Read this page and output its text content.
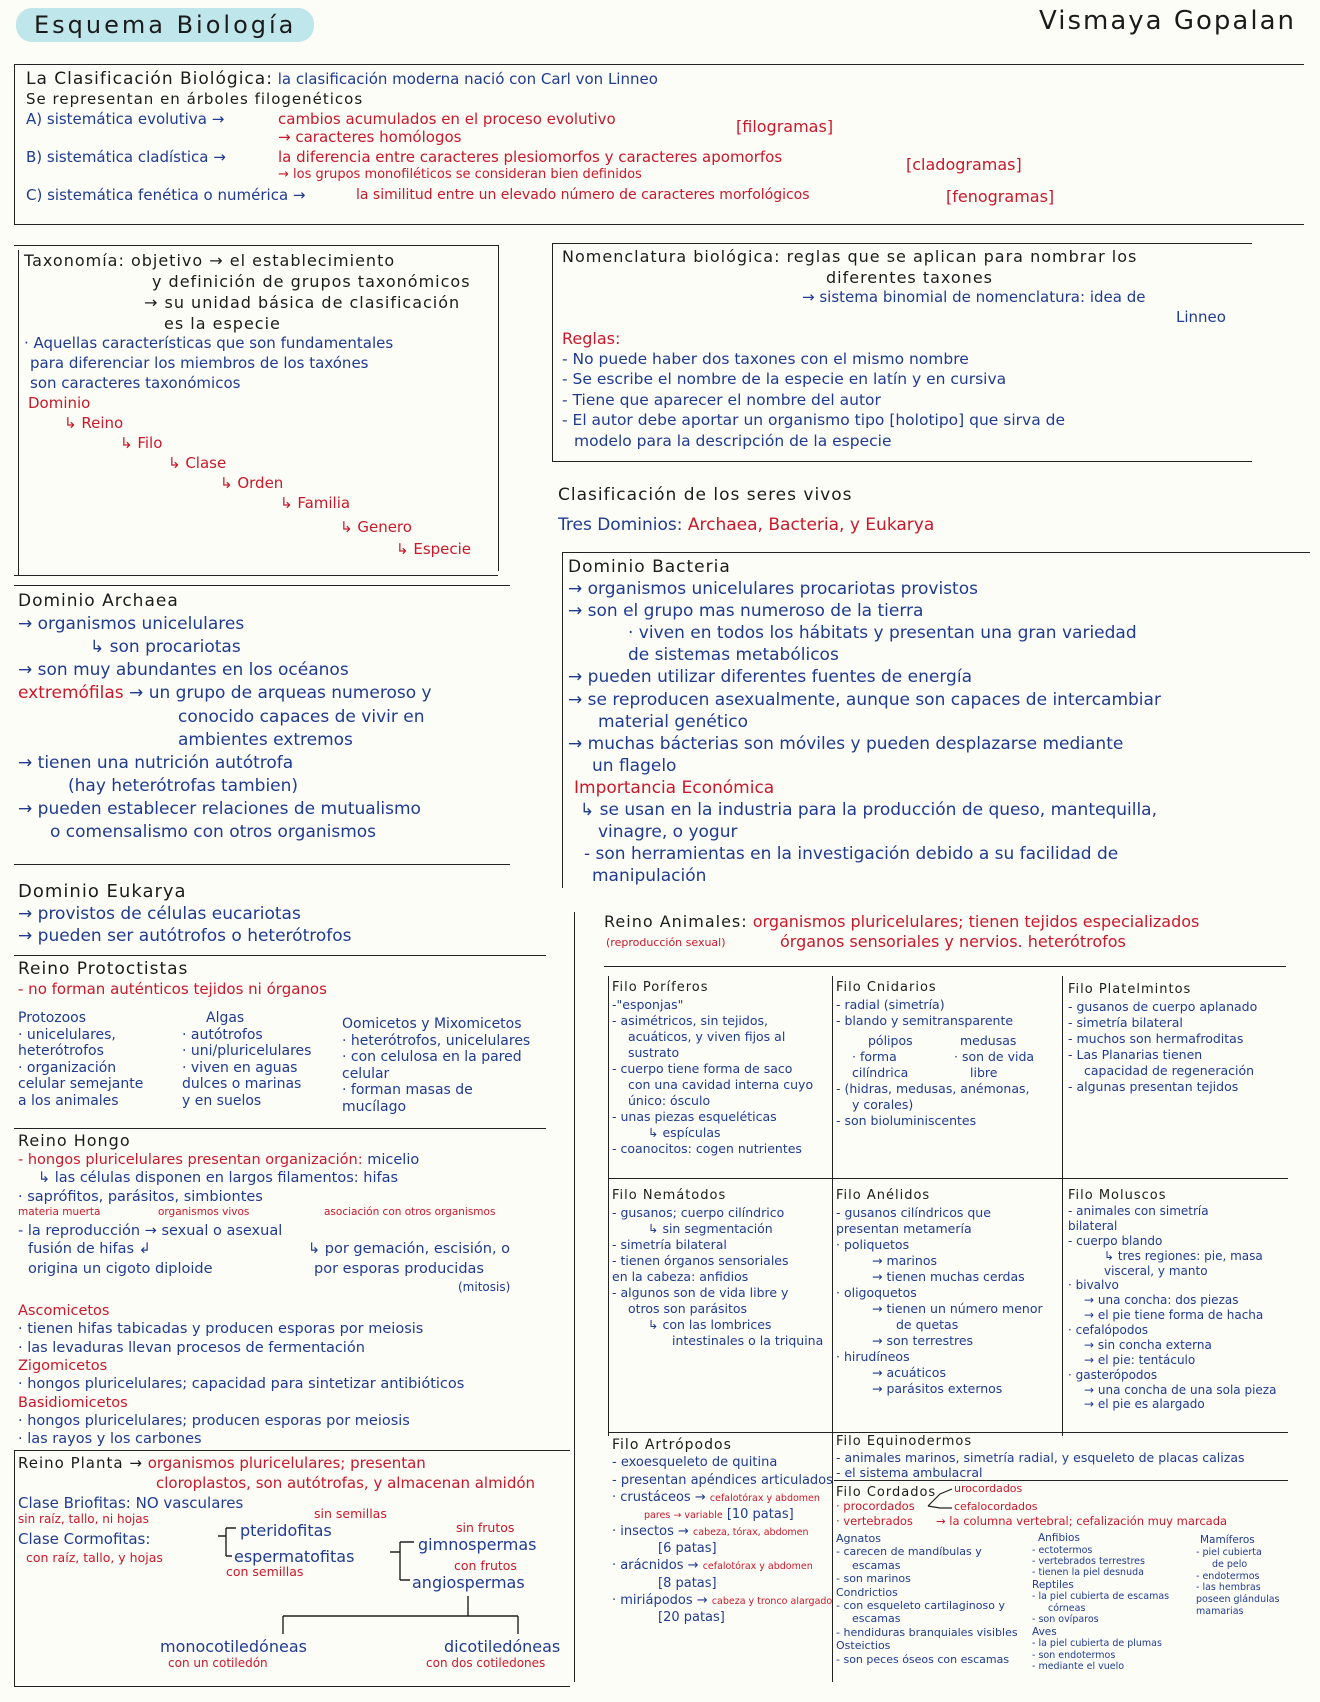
Esquema Biología	Vismaya Gopalan
La Clasificación Biológica: la clasificación moderna nació con Carl von Linneo
Se representan en árboles filogenéticos
A) sistemática evolutiva →	cambios acumulados en el proceso evolutivo
→ caracteres homólogos
[filogramas]
B) sistemática cladística →	la diferencia entre caracteres plesiomorfos y caracteres apomorfos
→ los grupos monofiléticos se consideran bien definidos
[cladogramas]
C) sistemática fenética o numérica →	la similitud entre un elevado número de caracteres morfológicos	[fenogramas]
Taxonomía: objetivo → el establecimiento
y definición de grupos taxonómicos
→ su unidad básica de clasificación
es la especie
· Aquellas características que son fundamentales
para diferenciar los miembros de los taxónes
son caracteres taxonómicos
Dominio
↳ Reino
↳ Filo
↳ Clase
↳ Orden
↳ Familia
↳ Genero
↳ Especie
Nomenclatura biológica: reglas que se aplican para nombrar los
diferentes taxones
→ sistema binomial de nomenclatura: idea de
Linneo
Reglas:
- No puede haber dos taxones con el mismo nombre
- Se escribe el nombre de la especie en latín y en cursiva
- Tiene que aparecer el nombre del autor
- El autor debe aportar un organismo tipo [holotipo] que sirva de
modelo para la descripción de la especie
Clasificación de los seres vivos
Tres Dominios: Archaea, Bacteria, y Eukarya
Dominio Archaea
→ organismos unicelulares
↳ son procariotas
→ son muy abundantes en los océanos
extremófilas → un grupo de arqueas numeroso y
conocido capaces de vivir en
ambientes extremos
→ tienen una nutrición autótrofa
(hay heterótrofas tambien)
→ pueden establecer relaciones de mutualismo
o comensalismo con otros organismos
Dominio Bacteria
→ organismos unicelulares procariotas provistos
→ son el grupo mas numeroso de la tierra
· viven en todos los hábitats y presentan una gran variedad
de sistemas metabólicos
→ pueden utilizar diferentes fuentes de energía
→ se reproducen asexualmente, aunque son capaces de intercambiar
material genético
→ muchas bácterias son móviles y pueden desplazarse mediante
un flagelo
Importancia Económica
↳ se usan en la industria para la producción de queso, mantequilla,
vinagre, o yogur
- son herramientas en la investigación debido a su facilidad de
manipulación
Dominio Eukarya
→ provistos de células eucariotas
→ pueden ser autótrofos o heterótrofos
Reino Protoctistas
- no forman auténticos tejidos ni órganos
Protozoos
· unicelulares,
heterótrofos
· organización
celular semejante
a los animales
Algas
· autótrofos
· uni/pluricelulares
· viven en aguas
dulces o marinas
y en suelos
Oomicetos y Mixomicetos
· heterótrofos, unicelulares
· con celulosa en la pared
celular
· forman masas de
mucílago
Reino Hongo
- hongos pluricelulares presentan organización: micelio
↳ las células disponen en largos filamentos: hifas
· saprófitos, parásitos, simbiontes
materia muerta	organismos vivos	asociación con otros organismos
- la reproducción → sexual o asexual
fusión de hifas ↲
origina un cigoto diploide
↳ por gemación, escisión, o
por esporas producidas
(mitosis)
Ascomicetos
· tienen hifas tabicadas y producen esporas por meiosis
· las levaduras llevan procesos de fermentación
Zigomicetos
· hongos pluricelulares; capacidad para sintetizar antibióticos
Basidiomicetos
· hongos pluricelulares; producen esporas por meiosis
· las rayos y los carbones
Reino Planta → organismos pluricelulares; presentan
cloroplastos, son autótrofas, y almacenan almidón
Clase Briofitas: NO vasculares
sin raíz, tallo, ni hojas	sin semillas
pteridofitas
Clase Cormofitas:
con raíz, tallo, y hojas	espermatofitas
con semillas
sin frutos
gimnospermas
con frutos
angiospermas
monocotiledóneas
con un cotiledón
dicotiledóneas
con dos cotiledones
Reino Animales: organismos pluricelulares; tienen tejidos especializados
(reproducción sexual)	órganos sensoriales y nervios. heterótrofos
Filo Poríferos
-"esponjas"
- asimétricos, sin tejidos,
acuáticos, y viven fijos al
sustrato
- cuerpo tiene forma de saco
con una cavidad interna cuyo
único: ósculo
- unas piezas esqueléticas
↳ espículas
- coanocitos: cogen nutrientes
Filo Cnidarios
- radial (simetría)
- blando y semitransparente
pólipos
· forma
cilíndrica
medusas
· son de vida
libre
- (hidras, medusas, anémonas,
y corales)
- son bioluminiscentes
Filo Platelmintos
- gusanos de cuerpo aplanado
- simetría bilateral
- muchos son hermafroditas
- Las Planarias tienen
capacidad de regeneración
- algunas presentan tejidos
Filo Nemátodos
- gusanos; cuerpo cilíndrico
↳ sin segmentación
- simetría bilateral
- tienen órganos sensoriales
en la cabeza: anfidios
- algunos son de vida libre y
otros son parásitos
↳ con las lombrices
intestinales o la triquina
Filo Anélidos
- gusanos cilíndricos que
presentan metamería
· poliquetos
→ marinos
→ tienen muchas cerdas
· oligoquetos
→ tienen un número menor
de quetas
→ son terrestres
· hirudíneos
→ acuáticos
→ parásitos externos
Filo Moluscos
- animales con simetría
bilateral
- cuerpo blando
↳ tres regiones: pie, masa
visceral, y manto
· bivalvo
→ una concha: dos piezas
→ el pie tiene forma de hacha
· cefalópodos
→ sin concha externa
→ el pie: tentáculo
· gasterópodos
→ una concha de una sola pieza
→ el pie es alargado
Filo Artrópodos
- exoesqueleto de quitina
- presentan apéndices articulados
· crustáceos → cefalotórax y abdomen
pares → variable [10 patas]
· insectos → cabeza, tórax, abdomen
[6 patas]
· arácnidos → cefalotórax y abdomen
[8 patas]
· miriápodos → cabeza y tronco alargado
[20 patas]
Filo Equinodermos
- animales marinos, simetría radial, y esqueleto de placas calizas
- el sistema ambulacral
Filo Cordados urocordados
· procordados	cefalocordados
· vertebrados → la columna vertebral; cefalización muy marcada
Agnatos
- carecen de mandíbulas y
escamas
- son marinos
Condrictios
- con esqueleto cartilaginoso y
escamas
- hendiduras branquiales visibles
Osteictios
- son peces óseos con escamas
Anfibios
- ectotermos
- vertebrados terrestres
- tienen la piel desnuda
Reptiles
- la piel cubierta de escamas
córneas
- son ovíparos
Aves
- la piel cubierta de plumas
- son endotermos
- mediante el vuelo
Mamíferos
- piel cubierta
de pelo
- endotermos
- las hembras
poseen glándulas
mamarias
